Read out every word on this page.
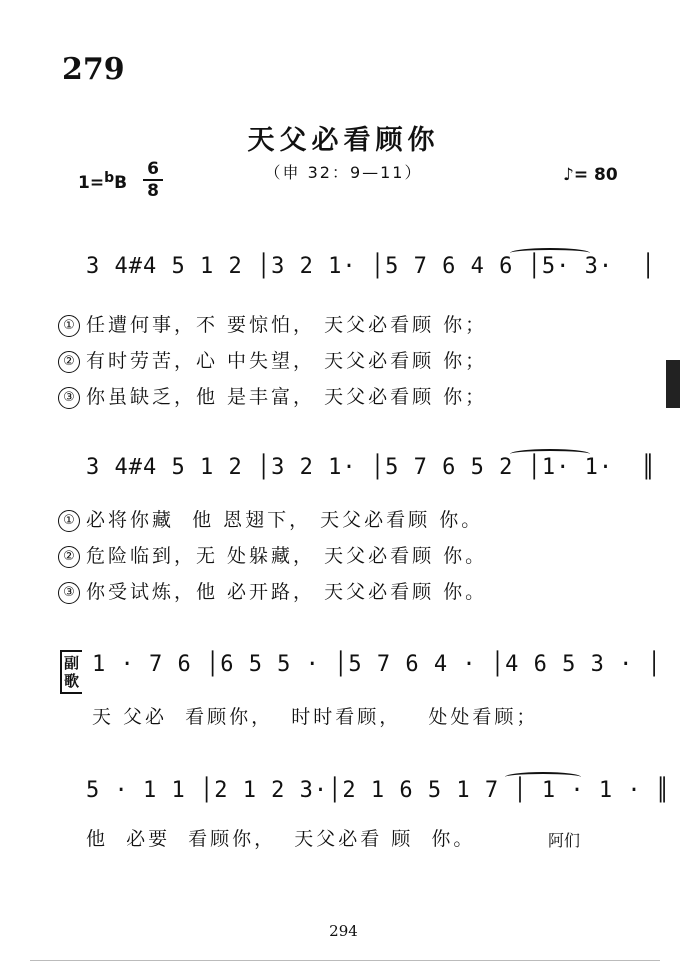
279
天父必看顾你
（申 32：9—11）
1=$^b$B
6
8
♪= 80
3 4#4 5 1 2 │3 2 1· │5 7 6 4 6 │5· 3·  │
① 任遭何事，不 要惊怕， 天父必看顾 你；
② 有时劳苦，心 中失望， 天父必看顾 你；
③ 你虽缺乏，他 是丰富， 天父必看顾 你；
3 4#4 5 1 2 │3 2 1· │5 7 6 5 2 │1· 1·  ║
① 必将你藏  他 恩翅下， 天父必看顾 你。
② 危险临到，无 处躲藏， 天父必看顾 你。
③ 你受试炼，他 必开路， 天父必看顾 你。
副歌
1 · 7 6 │6 5 5 · │5 7 6 4 · │4 6 5 3 · │
天 父必  看顾你，  时时看顾，   处处看顾；
5 · 1 1 │2 1 2 3·│2 1 6 5 1 7 │ 1 · 1 · ║
他  必要  看顾你，  天父必看 顾  你。	阿们
294
